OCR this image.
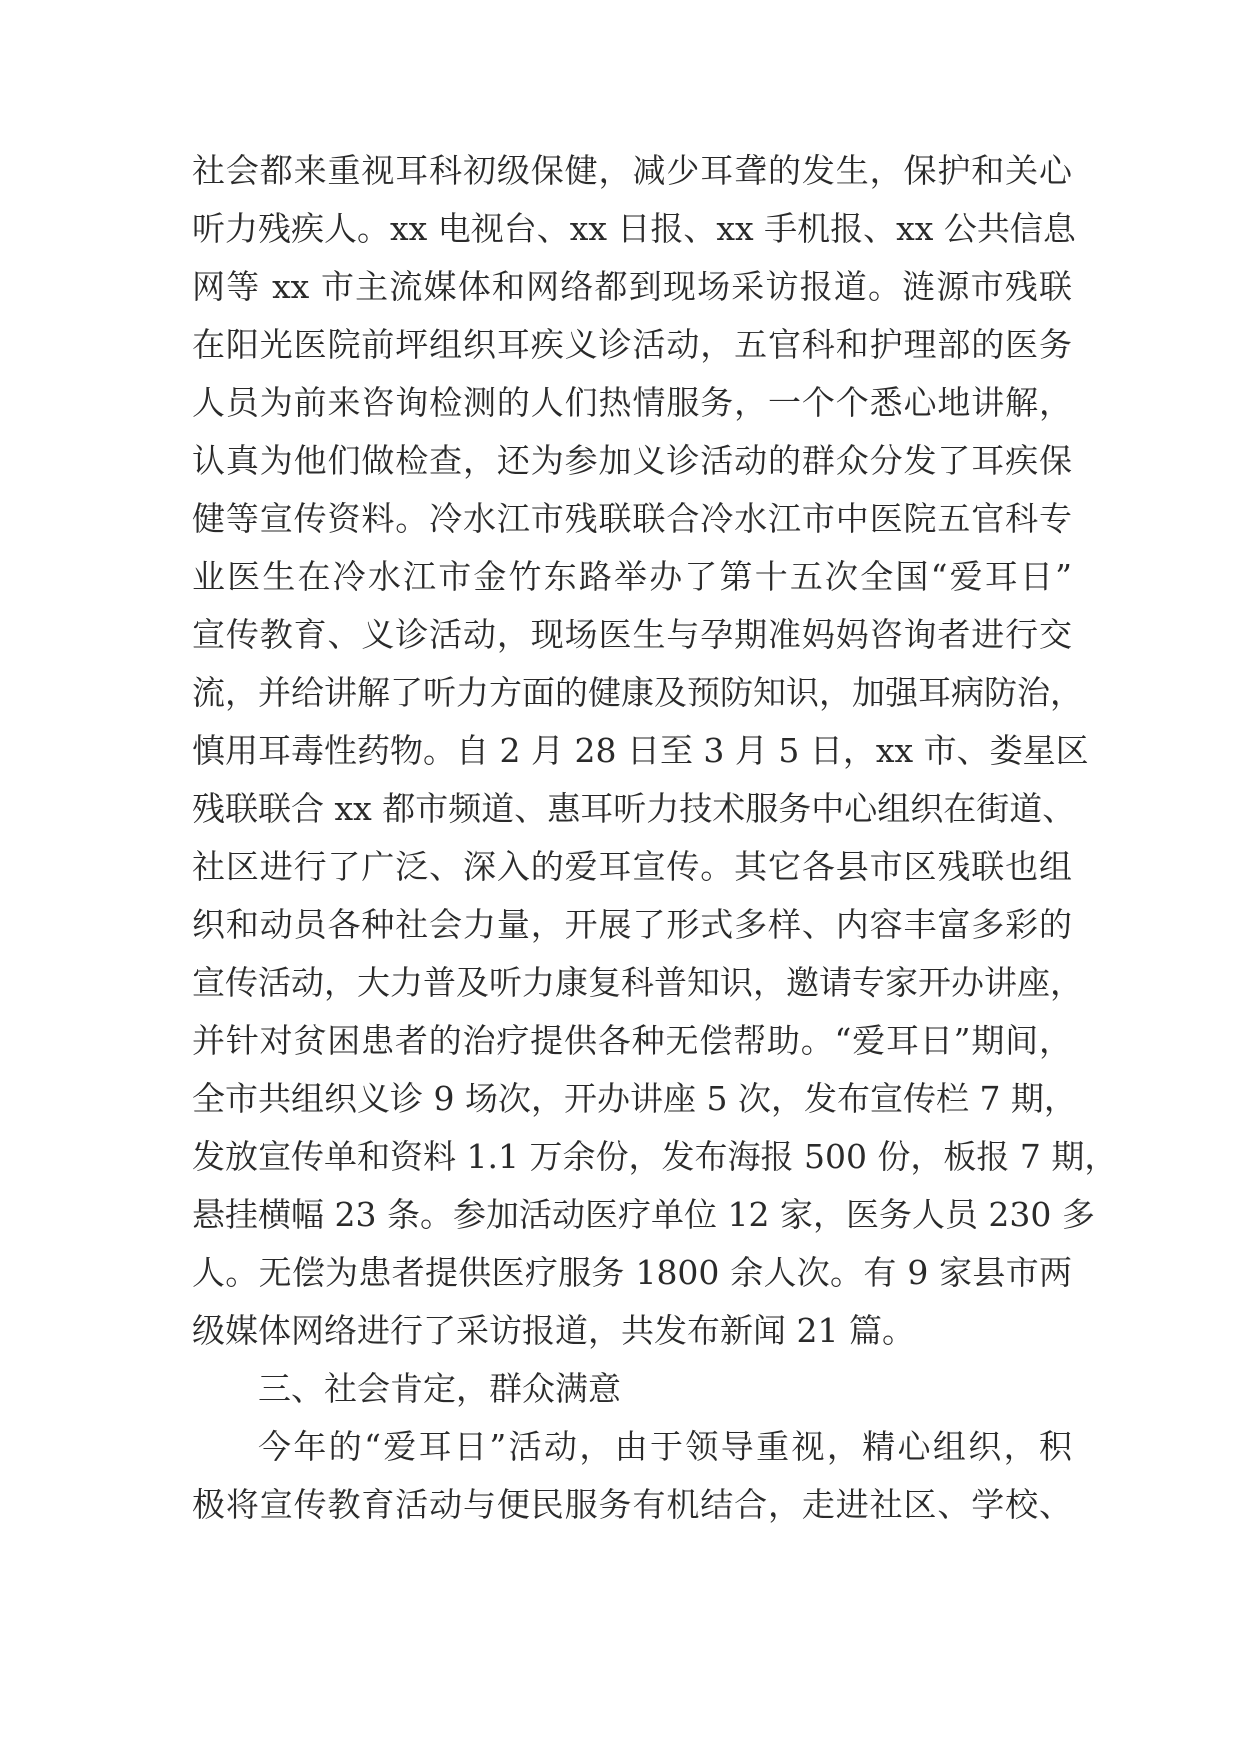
社会都来重视耳科初级保健，减少耳聋的发生，保护和关心
听力残疾人。xx 电视台、xx 日报、xx 手机报、xx 公共信息
网等 xx 市主流媒体和网络都到现场采访报道。涟源市残联
在阳光医院前坪组织耳疾义诊活动，五官科和护理部的医务
人员为前来咨询检测的人们热情服务，一个个悉心地讲解，
认真为他们做检查，还为参加义诊活动的群众分发了耳疾保
健等宣传资料。冷水江市残联联合冷水江市中医院五官科专
业医生在冷水江市金竹东路举办了第十五次全国“爱耳日”
宣传教育、义诊活动，现场医生与孕期准妈妈咨询者进行交
流，并给讲解了听力方面的健康及预防知识，加强耳病防治，
慎用耳毒性药物。自 2 月 28 日至 3 月 5 日，xx 市、娄星区
残联联合 xx 都市频道、惠耳听力技术服务中心组织在街道、
社区进行了广泛、深入的爱耳宣传。其它各县市区残联也组
织和动员各种社会力量，开展了形式多样、内容丰富多彩的
宣传活动，大力普及听力康复科普知识，邀请专家开办讲座，
并针对贫困患者的治疗提供各种无偿帮助。“爱耳日”期间，
全市共组织义诊 9 场次，开办讲座 5 次，发布宣传栏 7 期，
发放宣传单和资料 1.1 万余份，发布海报 500 份，板报 7 期，
悬挂横幅 23 条。参加活动医疗单位 12 家，医务人员 230 多
人。无偿为患者提供医疗服务 1800 余人次。有 9 家县市两
级媒体网络进行了采访报道，共发布新闻 21 篇。
三、社会肯定，群众满意
今年的“爱耳日”活动，由于领导重视，精心组织，积
极将宣传教育活动与便民服务有机结合，走进社区、学校、
